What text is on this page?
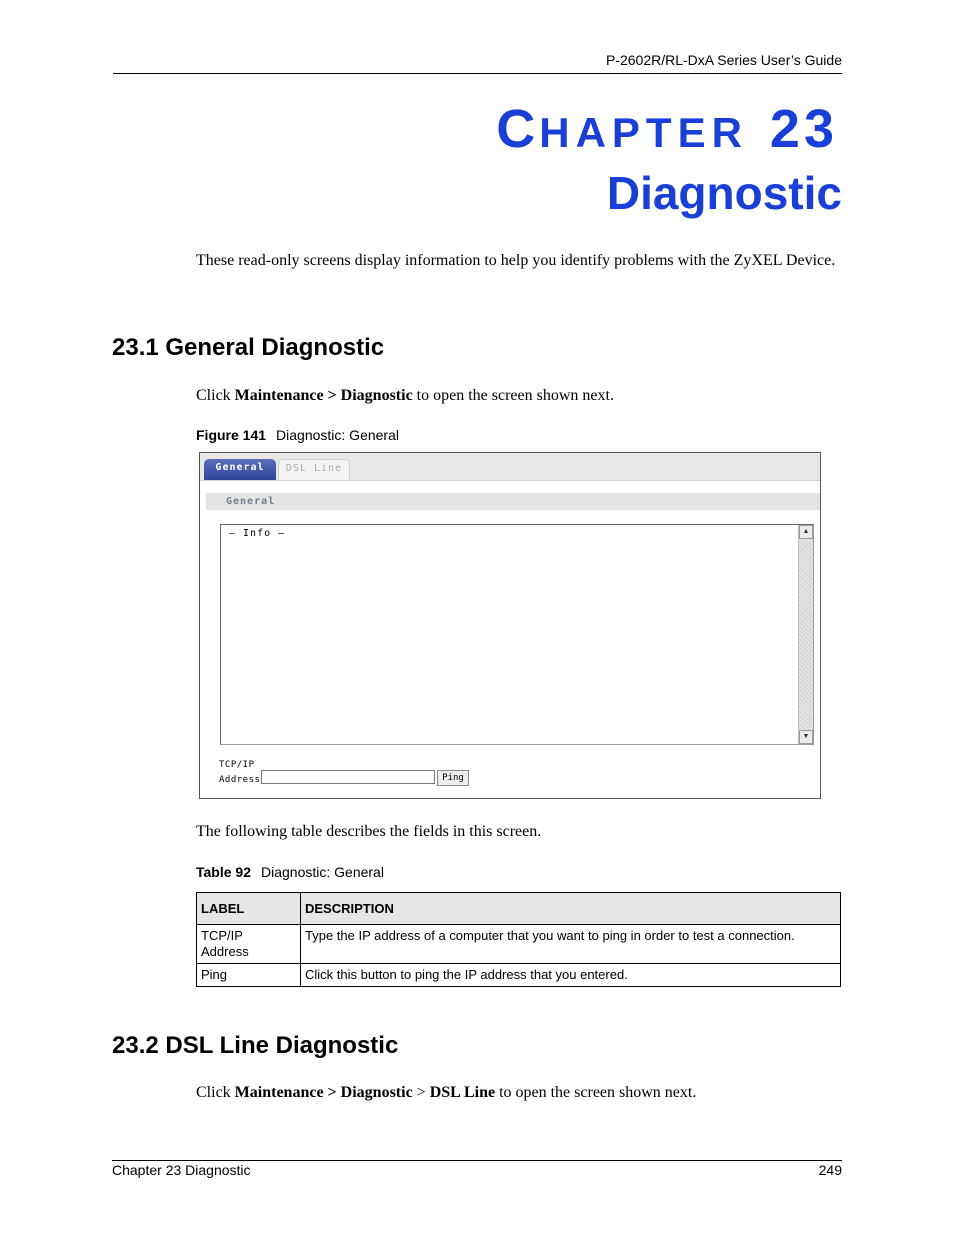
P-2602R/RL-DxA Series User’s Guide
CHAPTER 23
Diagnostic
These read-only screens display information to help you identify problems with the ZyXEL Device.
23.1 General Diagnostic
Click Maintenance > Diagnostic to open the screen shown next.
Figure 141 Diagnostic: General
General	DSL Line
General
– Info –	▲
▼
TCP/IP
Address	Ping
The following table describes the fields in this screen.
Table 92 Diagnostic: General
LABEL	DESCRIPTION

TCP/IP
Address	Type the IP address of a computer that you want to ping in order to test a connection.
Ping	Click this button to ping the IP address that you entered.
23.2 DSL Line Diagnostic
Click Maintenance > Diagnostic > DSL Line to open the screen shown next.
Chapter 23 Diagnostic	249
